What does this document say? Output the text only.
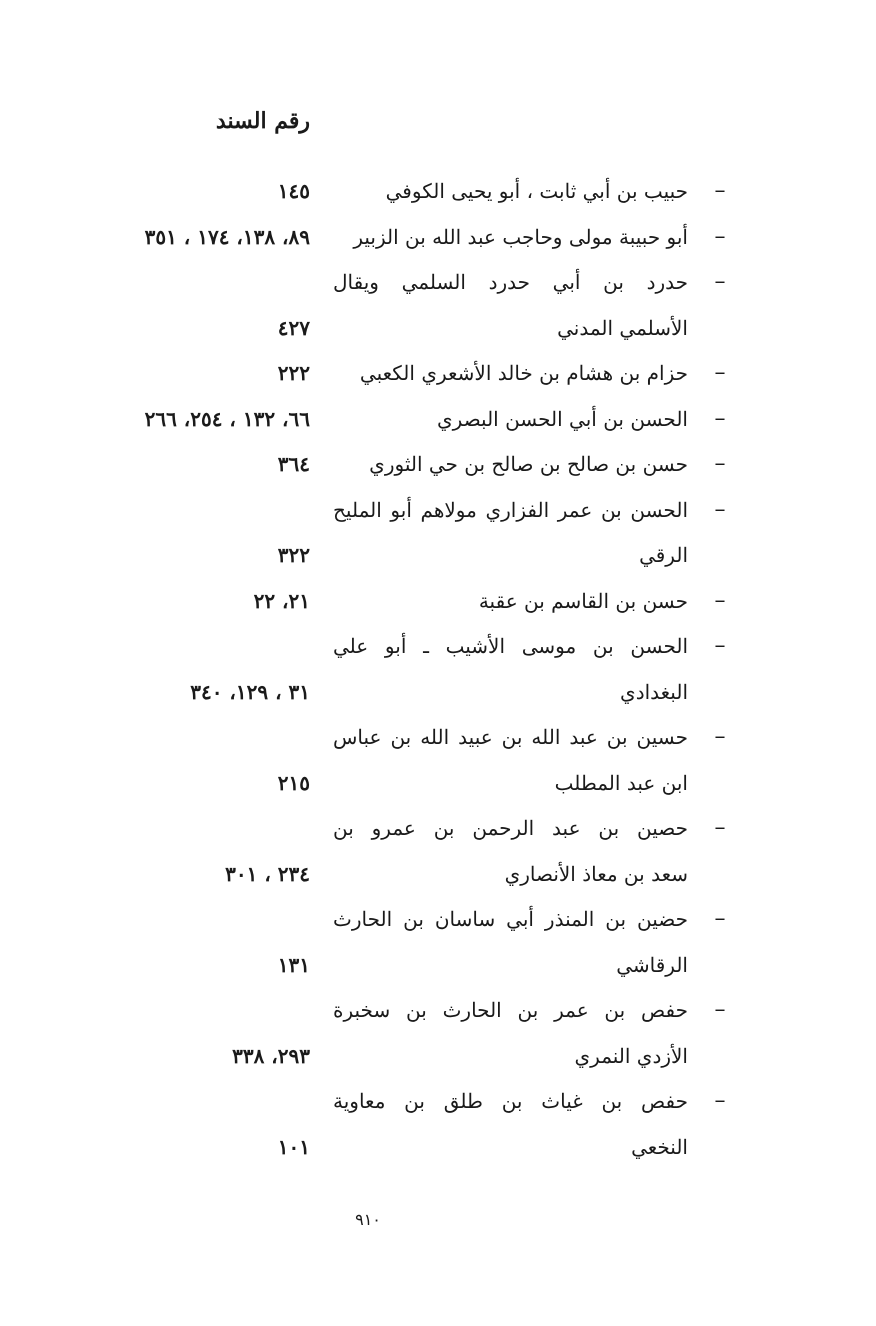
رقم السند
–
حبيب بن أبي ثابت ، أبو يحيى الكوفي
١٤٥
–
أبو حبيبة مولى وحاجب عبد الله بن الزبير
٨٩، ١٣٨، ١٧٤ ، ٣٥١
–
حدرد بن أبي حدرد السلمي ويقال
الأسلمي المدني
٤٢٧
–
حزام بن هشام بن خالد الأشعري الكعبي
٢٢٢
–
الحسن بن أبي الحسن البصري
٦٦، ١٣٢ ، ٢٥٤، ٢٦٦
–
حسن بن صالح بن صالح بن حي الثوري
٣٦٤
–
الحسن بن عمر الفزاري مولاهم أبو المليح
الرقي
٣٢٢
–
حسن بن القاسم بن عقبة
٢١، ٢٢
–
الحسن بن موسى الأشيب ـ أبو علي
البغدادي
٣١ ، ١٢٩، ٣٤٠
–
حسين بن عبد الله بن عبيد الله بن عباس
ابن عبد المطلب
٢١٥
–
حصين بن عبد الرحمن بن عمرو بن
سعد بن معاذ الأنصاري
٢٣٤ ، ٣٠١
–
حضين بن المنذر أبي ساسان بن الحارث
الرقاشي
١٣١
–
حفص بن عمر بن الحارث بن سخبرة
الأزدي النمري
٢٩٣، ٣٣٨
–
حفص بن غياث بن طلق بن معاوية
النخعي
١٠١
٩١٠
